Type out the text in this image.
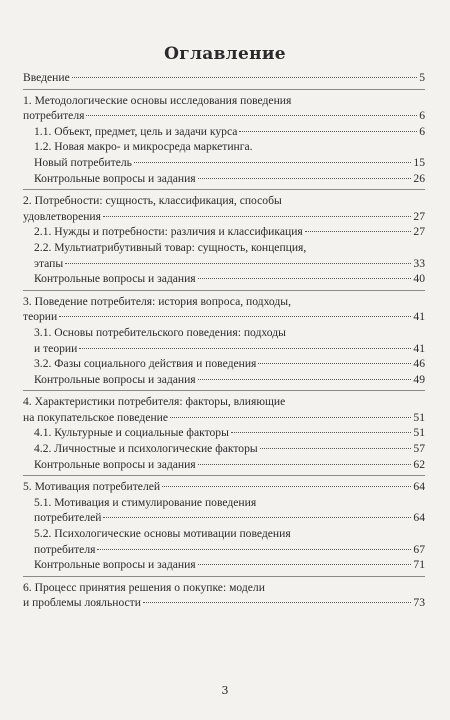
Оглавление
Введение	5
1. Методологические основы исследования поведения
потребителя	6
1.1. Объект, предмет, цель и задачи курса	6
1.2. Новая макро- и микросреда маркетинга.
Новый потребитель	15
Контрольные вопросы и задания	26
2. Потребности: сущность, классификация, способы
удовлетворения	27
2.1. Нужды и потребности: различия и классификация	27
2.2. Мультиатрибутивный товар: сущность, концепция,
этапы	33
Контрольные вопросы и задания	40
3. Поведение потребителя: история вопроса, подходы,
теории	41
3.1. Основы потребительского поведения: подходы
и теории	41
3.2. Фазы социального действия и поведения	46
Контрольные вопросы и задания	49
4. Характеристики потребителя: факторы, влияющие
на покупательское поведение	51
4.1. Культурные и социальные факторы	51
4.2. Личностные и психологические факторы	57
Контрольные вопросы и задания	62
5. Мотивация потребителей	64
5.1. Мотивация и стимулирование поведения
потребителей	64
5.2. Психологические основы мотивации поведения
потребителя	67
Контрольные вопросы и задания	71
6. Процесс принятия решения о покупке: модели
и проблемы лояльности	73
3
